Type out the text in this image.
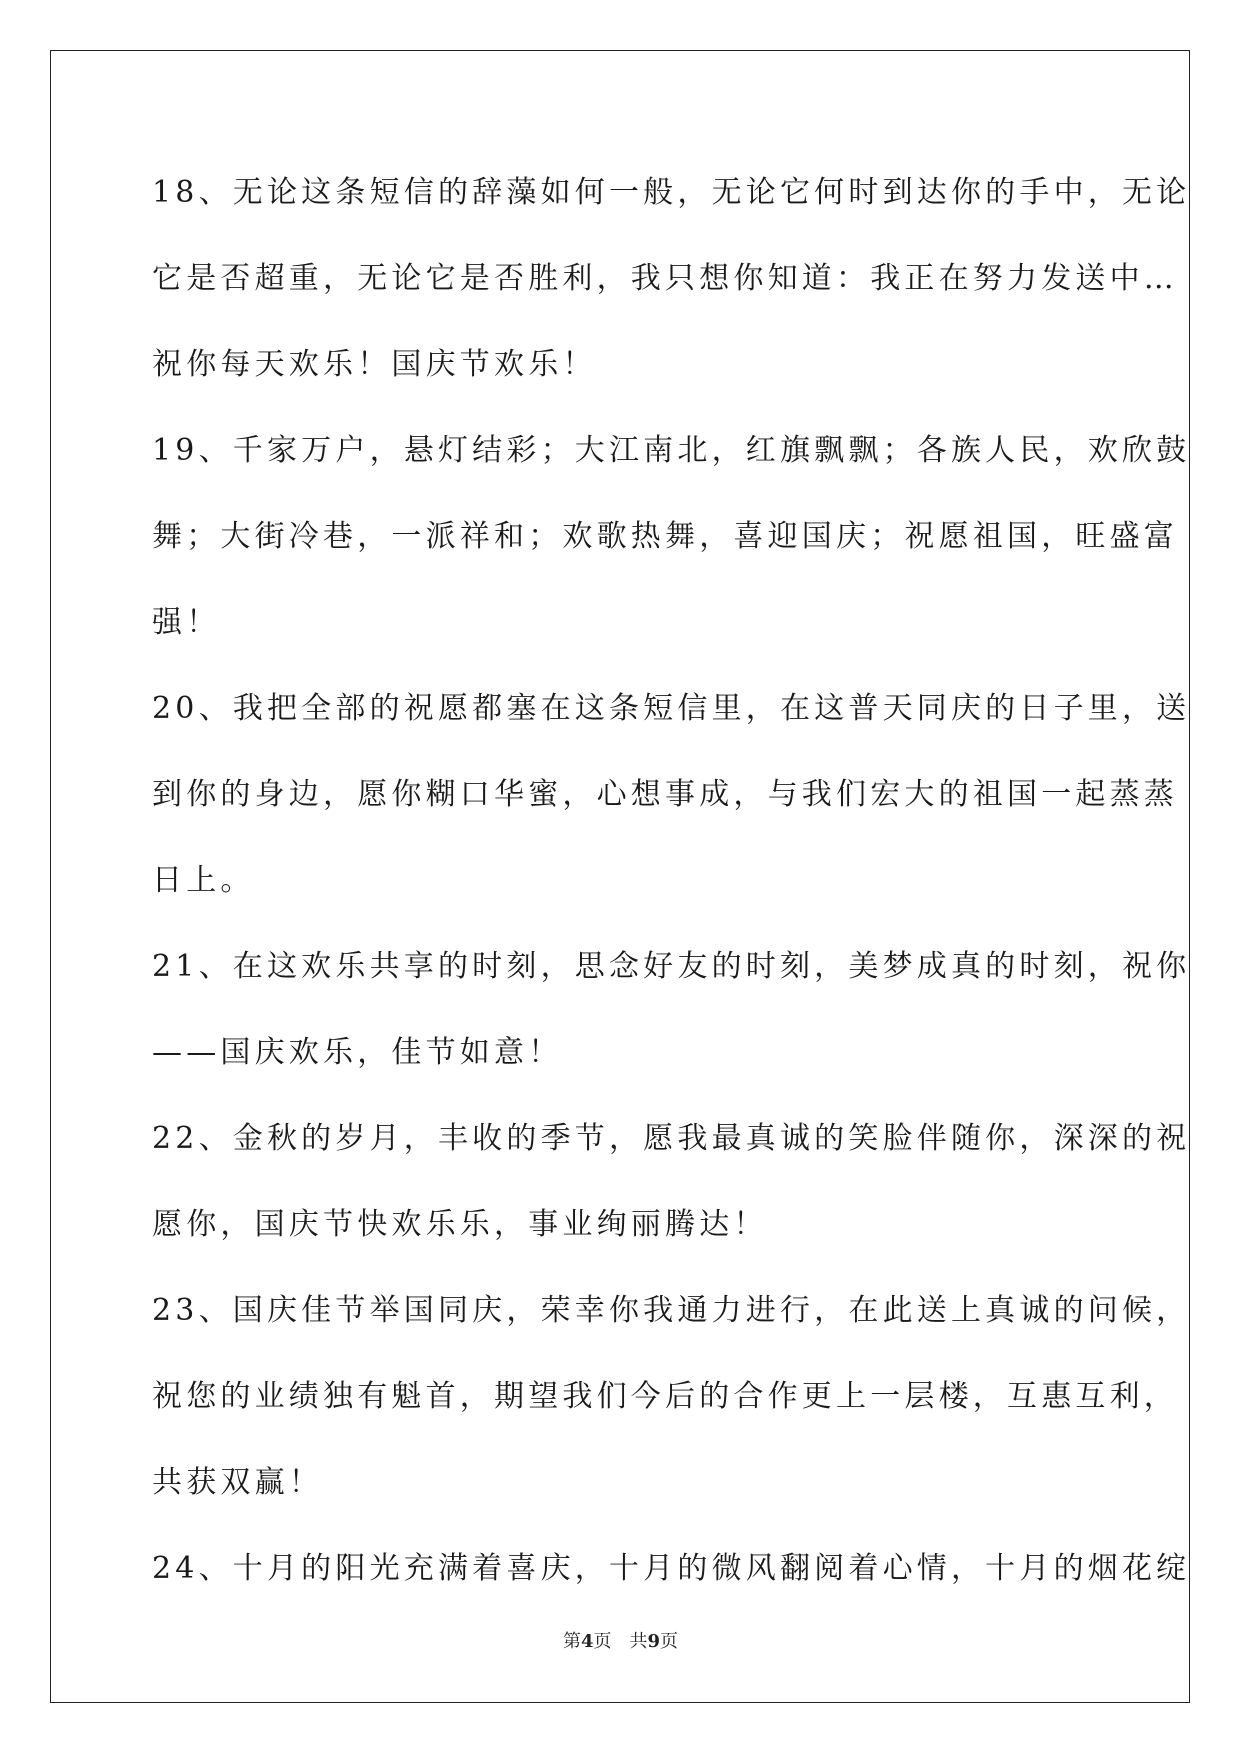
18、无论这条短信的辞藻如何一般，无论它何时到达你的手中，无论
它是否超重，无论它是否胜利，我只想你知道：我正在努力发送中…
祝你每天欢乐！国庆节欢乐！
19、千家万户，悬灯结彩；大江南北，红旗飘飘；各族人民，欢欣鼓
舞；大街冷巷，一派祥和；欢歌热舞，喜迎国庆；祝愿祖国，旺盛富
强！
20、我把全部的祝愿都塞在这条短信里，在这普天同庆的日子里，送
到你的身边，愿你糊口华蜜，心想事成，与我们宏大的祖国一起蒸蒸
日上。
21、在这欢乐共享的时刻，思念好友的时刻，美梦成真的时刻，祝你
——国庆欢乐，佳节如意！
22、金秋的岁月，丰收的季节，愿我最真诚的笑脸伴随你，深深的祝
愿你，国庆节快欢乐乐，事业绚丽腾达！
23、国庆佳节举国同庆，荣幸你我通力进行，在此送上真诚的问候，
祝您的业绩独有魁首，期望我们今后的合作更上一层楼，互惠互利，
共获双赢！
24、十月的阳光充满着喜庆，十月的微风翻阅着心情，十月的烟花绽
第4页 共9页
